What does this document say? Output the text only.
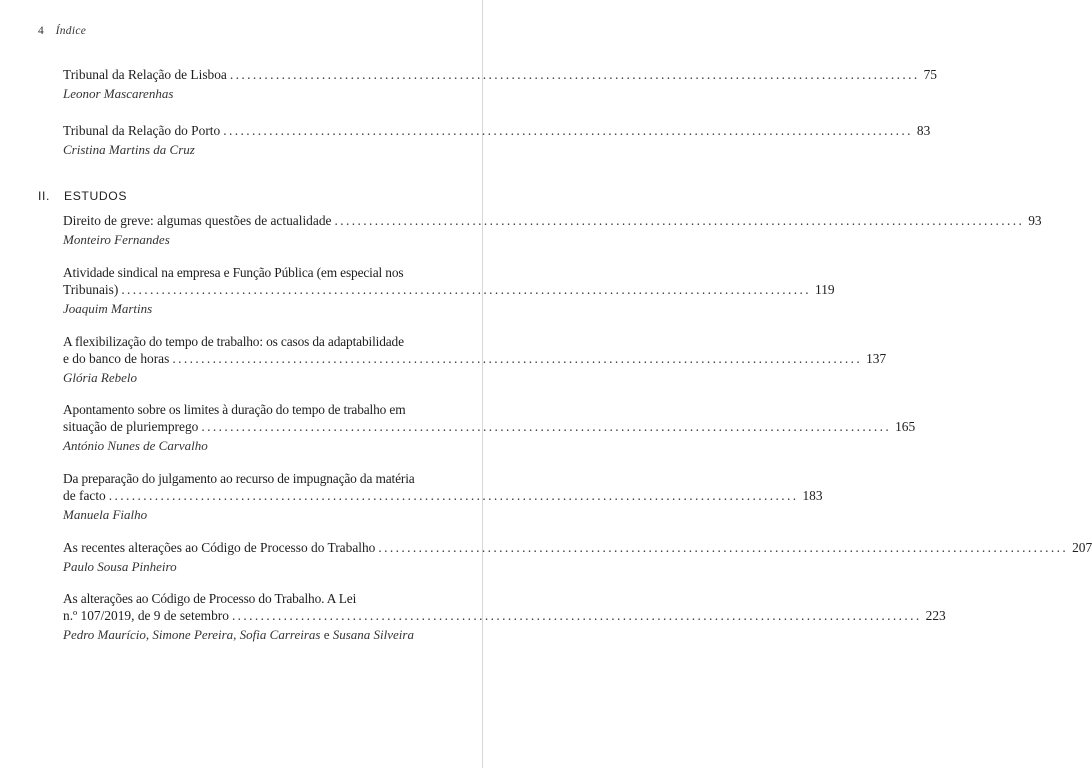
4 Índice
Tribunal da Relação de Lisboa ........................................................................................................................ 75
Leonor Mascarenhas
Tribunal da Relação do Porto ........................................................................................................................ 83
Cristina Martins da Cruz
II. ESTUDOS
Direito de greve: algumas questões de actualidade ........................................................................................................................ 93
Monteiro Fernandes
Atividade sindical na empresa e Função Pública (em especial nos
Tribunais) ........................................................................................................................ 119
Joaquim Martins
A flexibilização do tempo de trabalho: os casos da adaptabilidade
e do banco de horas ........................................................................................................................ 137
Glória Rebelo
Apontamento sobre os limites à duração do tempo de trabalho em
situação de pluriemprego ........................................................................................................................ 165
António Nunes de Carvalho
Da preparação do julgamento ao recurso de impugnação da matéria
de facto ........................................................................................................................ 183
Manuela Fialho
As recentes alterações ao Código de Processo do Trabalho ........................................................................................................................ 207
Paulo Sousa Pinheiro
As alterações ao Código de Processo do Trabalho. A Lei
n.º 107/2019, de 9 de setembro ........................................................................................................................ 223
Pedro Maurício, Simone Pereira, Sofia Carreiras e Susana Silveira
